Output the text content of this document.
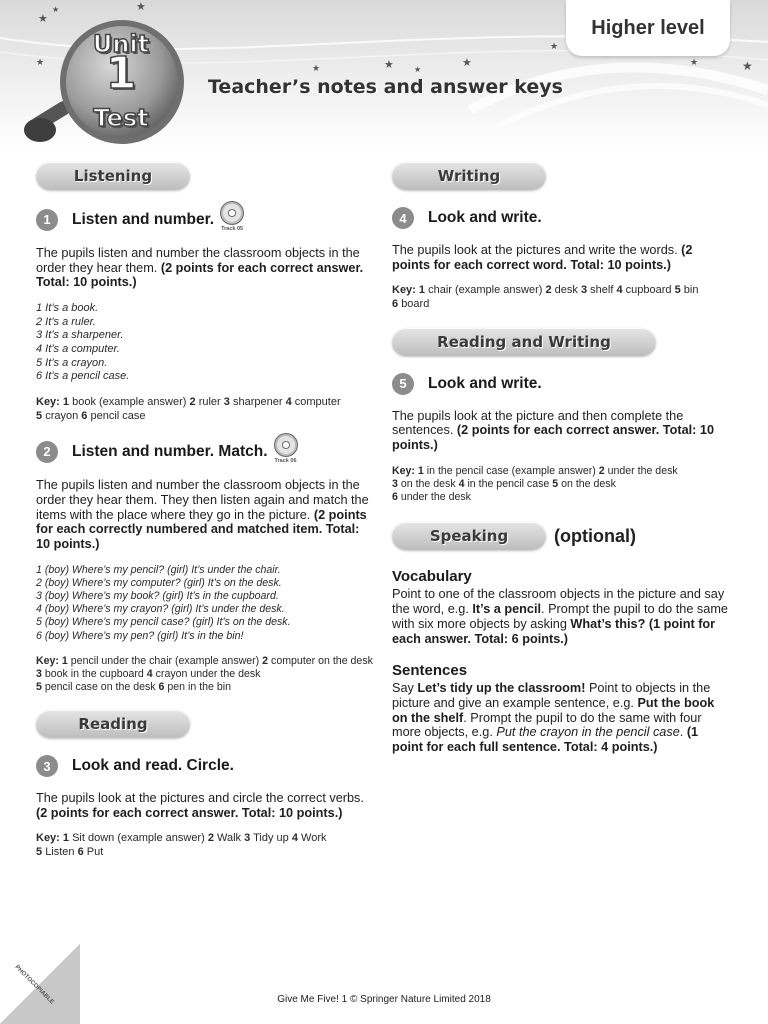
★
★	★
★
★	★	★
★
★
★	★
Unit
1
Test
Teacher’s notes and answer keys
Higher level
Listening
1	Listen and number.
Track 05

The pupils listen and number the classroom objects in the order they hear them. (2 points for each correct answer. Total: 10 points.)

1 It’s a book.
2 It’s a ruler.
3 It’s a sharpener.
4 It’s a computer.
5 It’s a crayon.
6 It’s a pencil case.
Key: 1 book (example answer) 2 ruler 3 sharpener 4 computer
5 crayon 6 pencil case
2	Listen and number. Match.
Track 06

The pupils listen and number the classroom objects in the order they hear them. They then listen again and match the items with the place where they go in the picture. (2 points for each correctly numbered and matched item. Total: 10 points.)

1 (boy) Where’s my pencil? (girl) It’s under the chair.
2 (boy) Where’s my computer? (girl) It’s on the desk.
3 (boy) Where’s my book? (girl) It’s in the cupboard.
4 (boy) Where’s my crayon? (girl) It’s under the desk.
5 (boy) Where’s my pencil case? (girl) It’s on the desk.
6 (boy) Where’s my pen? (girl) It’s in the bin!
Key: 1 pencil under the chair (example answer) 2 computer on the desk 3 book in the cupboard 4 crayon under the desk
5 pencil case on the desk 6 pen in the bin
Reading
3	Look and read. Circle.

The pupils look at the pictures and circle the correct verbs. (2 points for each correct answer. Total: 10 points.)

Key: 1 Sit down (example answer) 2 Walk 3 Tidy up 4 Work
5 Listen 6 Put
Writing
4	Look and write.

The pupils look at the pictures and write the words. (2 points for each correct word. Total: 10 points.)

Key: 1 chair (example answer) 2 desk 3 shelf 4 cupboard 5 bin
6 board
Reading and Writing
5	Look and write.

The pupils look at the picture and then complete the sentences. (2 points for each correct answer. Total: 10 points.)

Key: 1 in the pencil case (example answer) 2 under the desk
3 on the desk 4 in the pencil case 5 on the desk
6 under the desk
Speaking	(optional)
Vocabulary

Point to one of the classroom objects in the picture and say the word, e.g. It’s a pencil. Prompt the pupil to do the same with six more objects by asking What’s this? (1 point for each answer. Total: 6 points.)

Sentences

Say Let’s tidy up the classroom! Point to objects in the picture and give an example sentence, e.g. Put the book on the shelf. Prompt the pupil to do the same with four more objects, e.g. Put the crayon in the pencil case. (1 point for each full sentence. Total: 4 points.)

Give Me Five! 1 © Springer Nature Limited 2018
PHOTOCOPIABLE
